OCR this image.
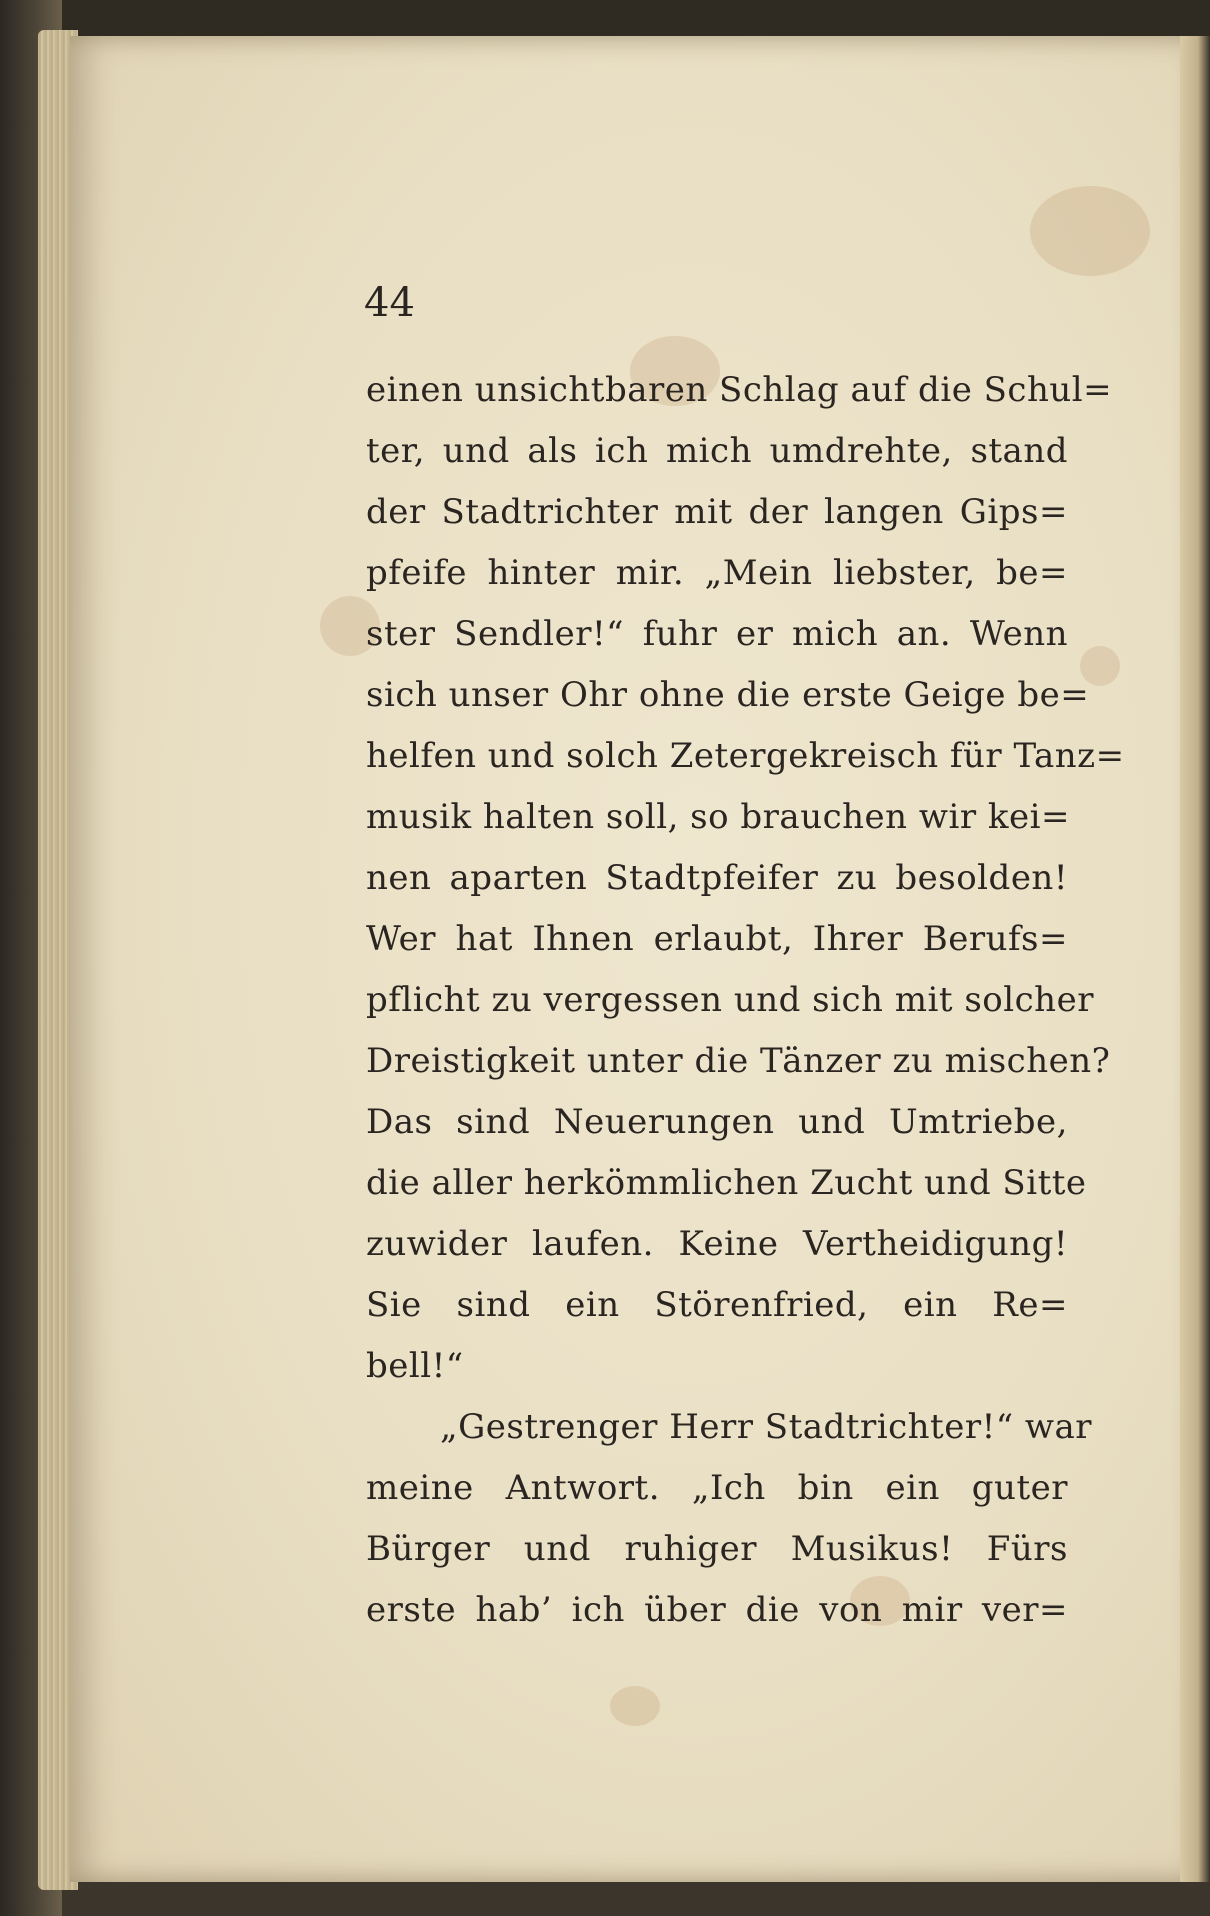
44
einen unsichtbaren Schlag auf die Schul=
ter, und als ich mich umdrehte, stand
der Stadtrichter mit der langen Gips=
pfeife hinter mir. „Mein liebster, be=
ster Sendler!“ fuhr er mich an. Wenn
sich unser Ohr ohne die erste Geige be=
helfen und solch Zetergekreisch für Tanz=
musik halten soll, so brauchen wir kei=
nen aparten Stadtpfeifer zu besolden!
Wer hat Ihnen erlaubt, Ihrer Berufs=
pflicht zu vergessen und sich mit solcher
Dreistigkeit unter die Tänzer zu mischen?
Das sind Neuerungen und Umtriebe,
die aller herkömmlichen Zucht und Sitte
zuwider laufen. Keine Vertheidigung!
Sie sind ein Störenfried, ein Re=
bell!“
„Gestrenger Herr Stadtrichter!“ war
meine Antwort. „Ich bin ein guter
Bürger und ruhiger Musikus! Fürs
erste hab’ ich über die von mir ver=
